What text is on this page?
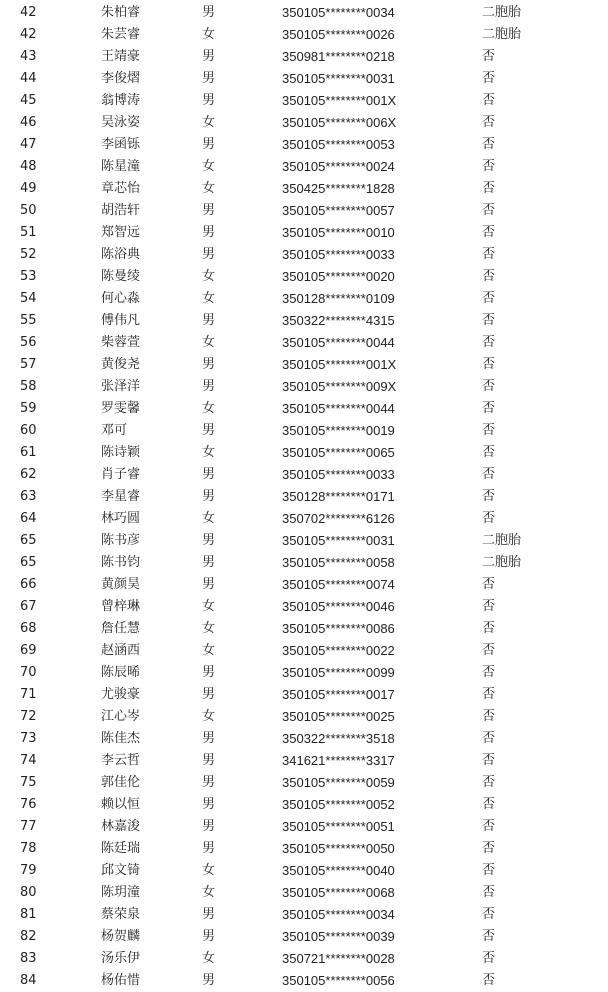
42	朱柏睿	男	350105********0034	二胞胎
42	朱芸睿	女	350105********0026	二胞胎
43	王靖豪	男	350981********0218	否
44	李俊熠	男	350105********0031	否
45	翁博涛	男	350105********001X	否
46	吴泳姿	女	350105********006X	否
47	李函铄	男	350105********0053	否
48	陈星潼	女	350105********0024	否
49	章芯怡	女	350425********1828	否
50	胡浩轩	男	350105********0057	否
51	郑智远	男	350105********0010	否
52	陈浴典	男	350105********0033	否
53	陈曼绫	女	350105********0020	否
54	何心淼	女	350128********0109	否
55	傅伟凡	男	350322********4315	否
56	柴蓉萱	女	350105********0044	否
57	黄俊尧	男	350105********001X	否
58	张泽洋	男	350105********009X	否
59	罗雯馨	女	350105********0044	否
60	邓可	男	350105********0019	否
61	陈诗颖	女	350105********0065	否
62	肖子睿	男	350105********0033	否
63	李星睿	男	350128********0171	否
64	林巧圆	女	350702********6126	否
65	陈书彦	男	350105********0031	二胞胎
65	陈书钧	男	350105********0058	二胞胎
66	黄颜昊	男	350105********0074	否
67	曾梓琳	女	350105********0046	否
68	詹任慧	女	350105********0086	否
69	赵涵西	女	350105********0022	否
70	陈辰晞	男	350105********0099	否
71	尤骏豪	男	350105********0017	否
72	江心岑	女	350105********0025	否
73	陈佳杰	男	350322********3518	否
74	李云哲	男	341621********3317	否
75	郭佳伦	男	350105********0059	否
76	赖以恒	男	350105********0052	否
77	林嘉浚	男	350105********0051	否
78	陈廷瑞	男	350105********0050	否
79	邱文锜	女	350105********0040	否
80	陈玥潼	女	350105********0068	否
81	蔡荣泉	男	350105********0034	否
82	杨贺麟	男	350105********0039	否
83	汤乐伊	女	350721********0028	否
84	杨佑惜	男	350105********0056	否
